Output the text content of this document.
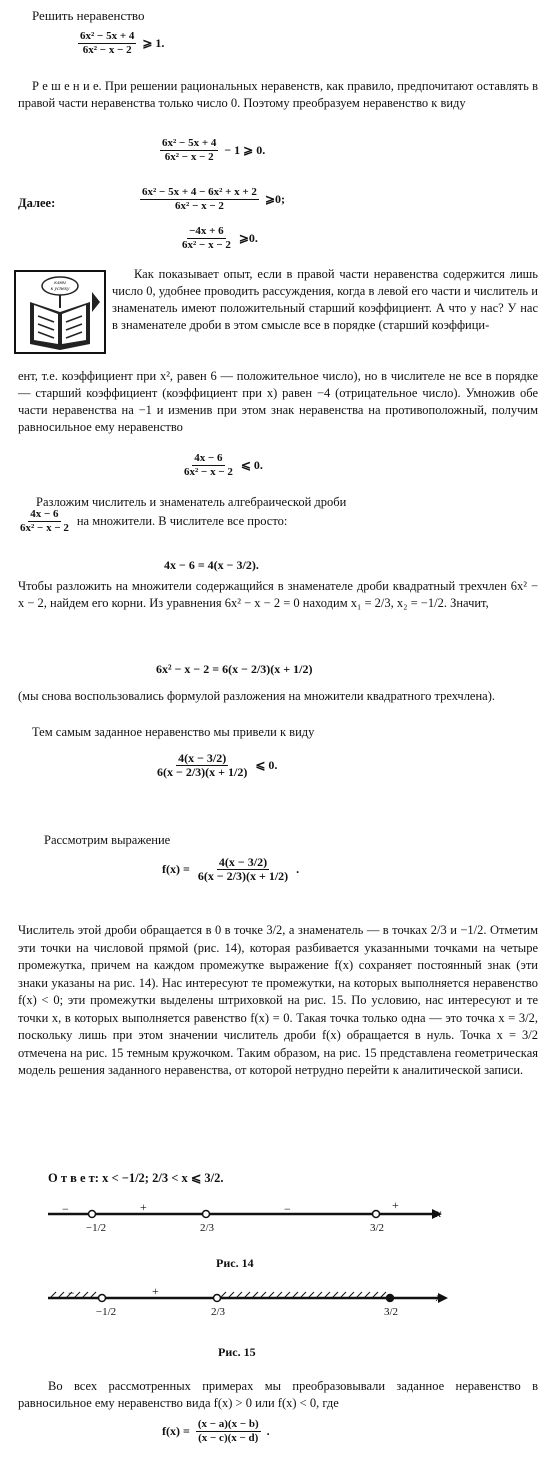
Решить неравенство
$\frac{\text{6x² − 5x + 4}}{\text{6x² − x − 2}}$ ⩾ 1.
Р е ш е н и е. При решении рациональных неравенств, как правило, предпочитают оставлять в правой части неравенства только число 0. Поэтому преобразуем неравенство к виду
$\frac{\text{6x² − 5x + 4}}{\text{6x² − x − 2}} - 1$ ⩾ 0.
Далее:	$\frac{\text{6x² − 5x + 4 − 6x² + x + 2}}{\text{6x² − x − 2}}$ ⩾0;
$\frac{-4x + 6}{\text{6x² − x − 2}}$ ⩾0.
ключ
к успеху
Как показывает опыт, если в правой части неравенства содержится лишь число 0, удобнее проводить рассуждения, когда в левой его части и числитель и знаменатель имеют положительный старший коэффициент. А что у нас? У нас в знаменателе дроби в этом смысле все в порядке (старший коэффици-
ент, т.е. коэффициент при x², равен 6 — положительное число), но в числителе не все в порядке — старший коэффициент (коэффициент при x) равен −4 (отрицательное число). Умножив обе части неравенства на −1 и изменив при этом знак неравенства на противоположный, получим равносильное ему неравенство
$\frac{4x - 6}{\text{6x² − x − 2}}$ ⩽ 0.
Разложим числитель и знаменатель алгебраической дроби
$\frac{4x - 6}{\text{6x² − x − 2}}$ на множители. В числителе все просто:
4x − 6 = 4(x − 3/2).
Чтобы разложить на множители содержащийся в знаменателе дроби квадратный трехчлен 6x² − x − 2, найдем его корни. Из уравнения 6x² − x − 2 = 0 находим x₁ = 2/3, x₂ = −1/2. Значит,
6x² − x − 2 = 6(x − 2/3)(x + 1/2)
(мы снова воспользовались формулой разложения на множители квадратного трехчлена).
Тем самым заданное неравенство мы привели к виду
$\frac{4(x - 3/2)}{6(x - 2/3)(x + 1/2)}$ ⩽ 0.
Рассмотрим выражение
$f(x) = \frac{4(x - 3/2)}{6(x - 2/3)(x + 1/2)}$ .
Числитель этой дроби обращается в 0 в точке 3/2, а знаменатель — в точках 2/3 и −1/2. Отметим эти точки на числовой прямой (рис. 14), которая разбивается указанными точками на четыре промежутка, причем на каждом промежутке выражение f(x) сохраняет постоянный знак (эти знаки указаны на рис. 14). Нас интересуют те промежутки, на которых выполняется неравенство f(x) < 0; эти промежутки выделены штриховкой на рис. 15. По условию, нас интересуют и те точки x, в которых выполняется равенство f(x) = 0. Такая точка только одна — это точка x = 3/2, поскольку лишь при этом значении числитель дроби f(x) обращается в нуль. Точка x = 3/2 отмечена на рис. 15 темным кружочком. Таким образом, на рис. 15 представлена геометрическая модель решения заданного неравенства, от которой нетрудно перейти к аналитической записи.
О т в е т: x < −1/2; 2/3 < x ⩽ 3/2.
−	+	−	+
x
−1/2	2/3	3/2
Рис. 14
−	+	x
−1/2	2/3	3/2
Рис. 15
Во всех рассмотренных примерах мы преобразовывали заданное неравенство в равносильное ему неравенство вида f(x) > 0 или f(x) < 0, где
$f(x) = \frac{(x - a)(x - b)}{(x - c)(x - d)}$ .
